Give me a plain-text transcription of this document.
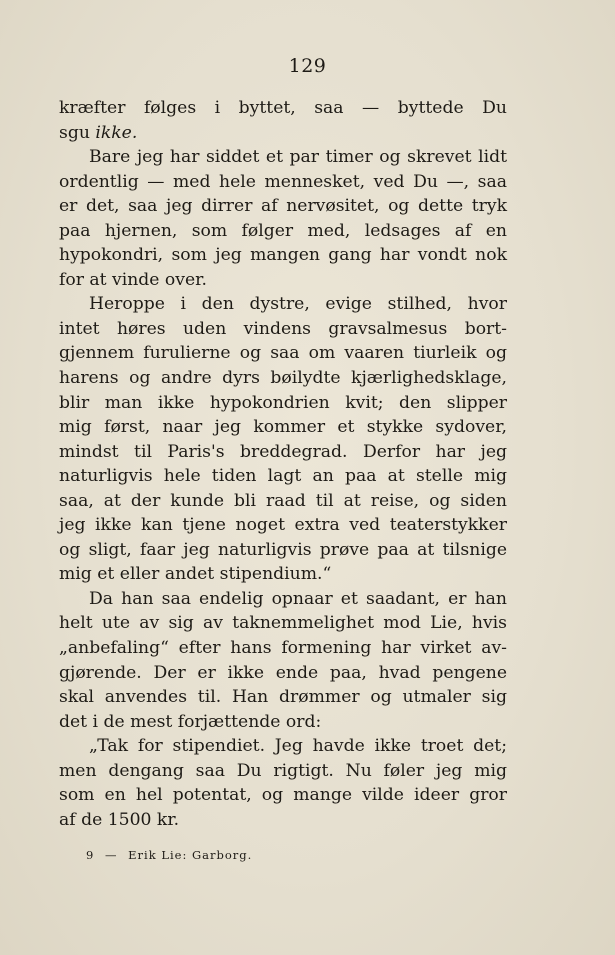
129
kræfter følges i byttet, saa — byttede Du
sgu ikke.
Bare jeg har siddet et par timer og skrevet lidt
ordentlig — med hele mennesket, ved Du —, saa
er det, saa jeg dirrer af nervøsitet, og dette tryk
paa hjernen, som følger med, ledsages af en
hypokondri, som jeg mangen gang har vondt nok
for at vinde over.
Heroppe i den dystre, evige stilhed, hvor
intet høres uden vindens gravsalmesus bort-
gjennem furulierne og saa om vaaren tiurleik og
harens og andre dyrs bøilydte kjærlighedsklage,
blir man ikke hypokondrien kvit; den slipper
mig først, naar jeg kommer et stykke sydover,
mindst til Paris's breddegrad. Derfor har jeg
naturligvis hele tiden lagt an paa at stelle mig
saa, at der kunde bli raad til at reise, og siden
jeg ikke kan tjene noget extra ved teaterstykker
og sligt, faar jeg naturligvis prøve paa at tilsnige
mig et eller andet stipendium.“
Da han saa endelig opnaar et saadant, er han
helt ute av sig av taknemmelighet mod Lie, hvis
„anbefaling“ efter hans formening har virket av-
gjørende. Der er ikke ende paa, hvad pengene
skal anvendes til. Han drømmer og utmaler sig
det i de mest forjættende ord:
„Tak for stipendiet. Jeg havde ikke troet det;
men dengang saa Du rigtigt. Nu føler jeg mig
som en hel potentat, og mange vilde ideer gror
af de 1500 kr.
9 — Erik Lie: Garborg.
